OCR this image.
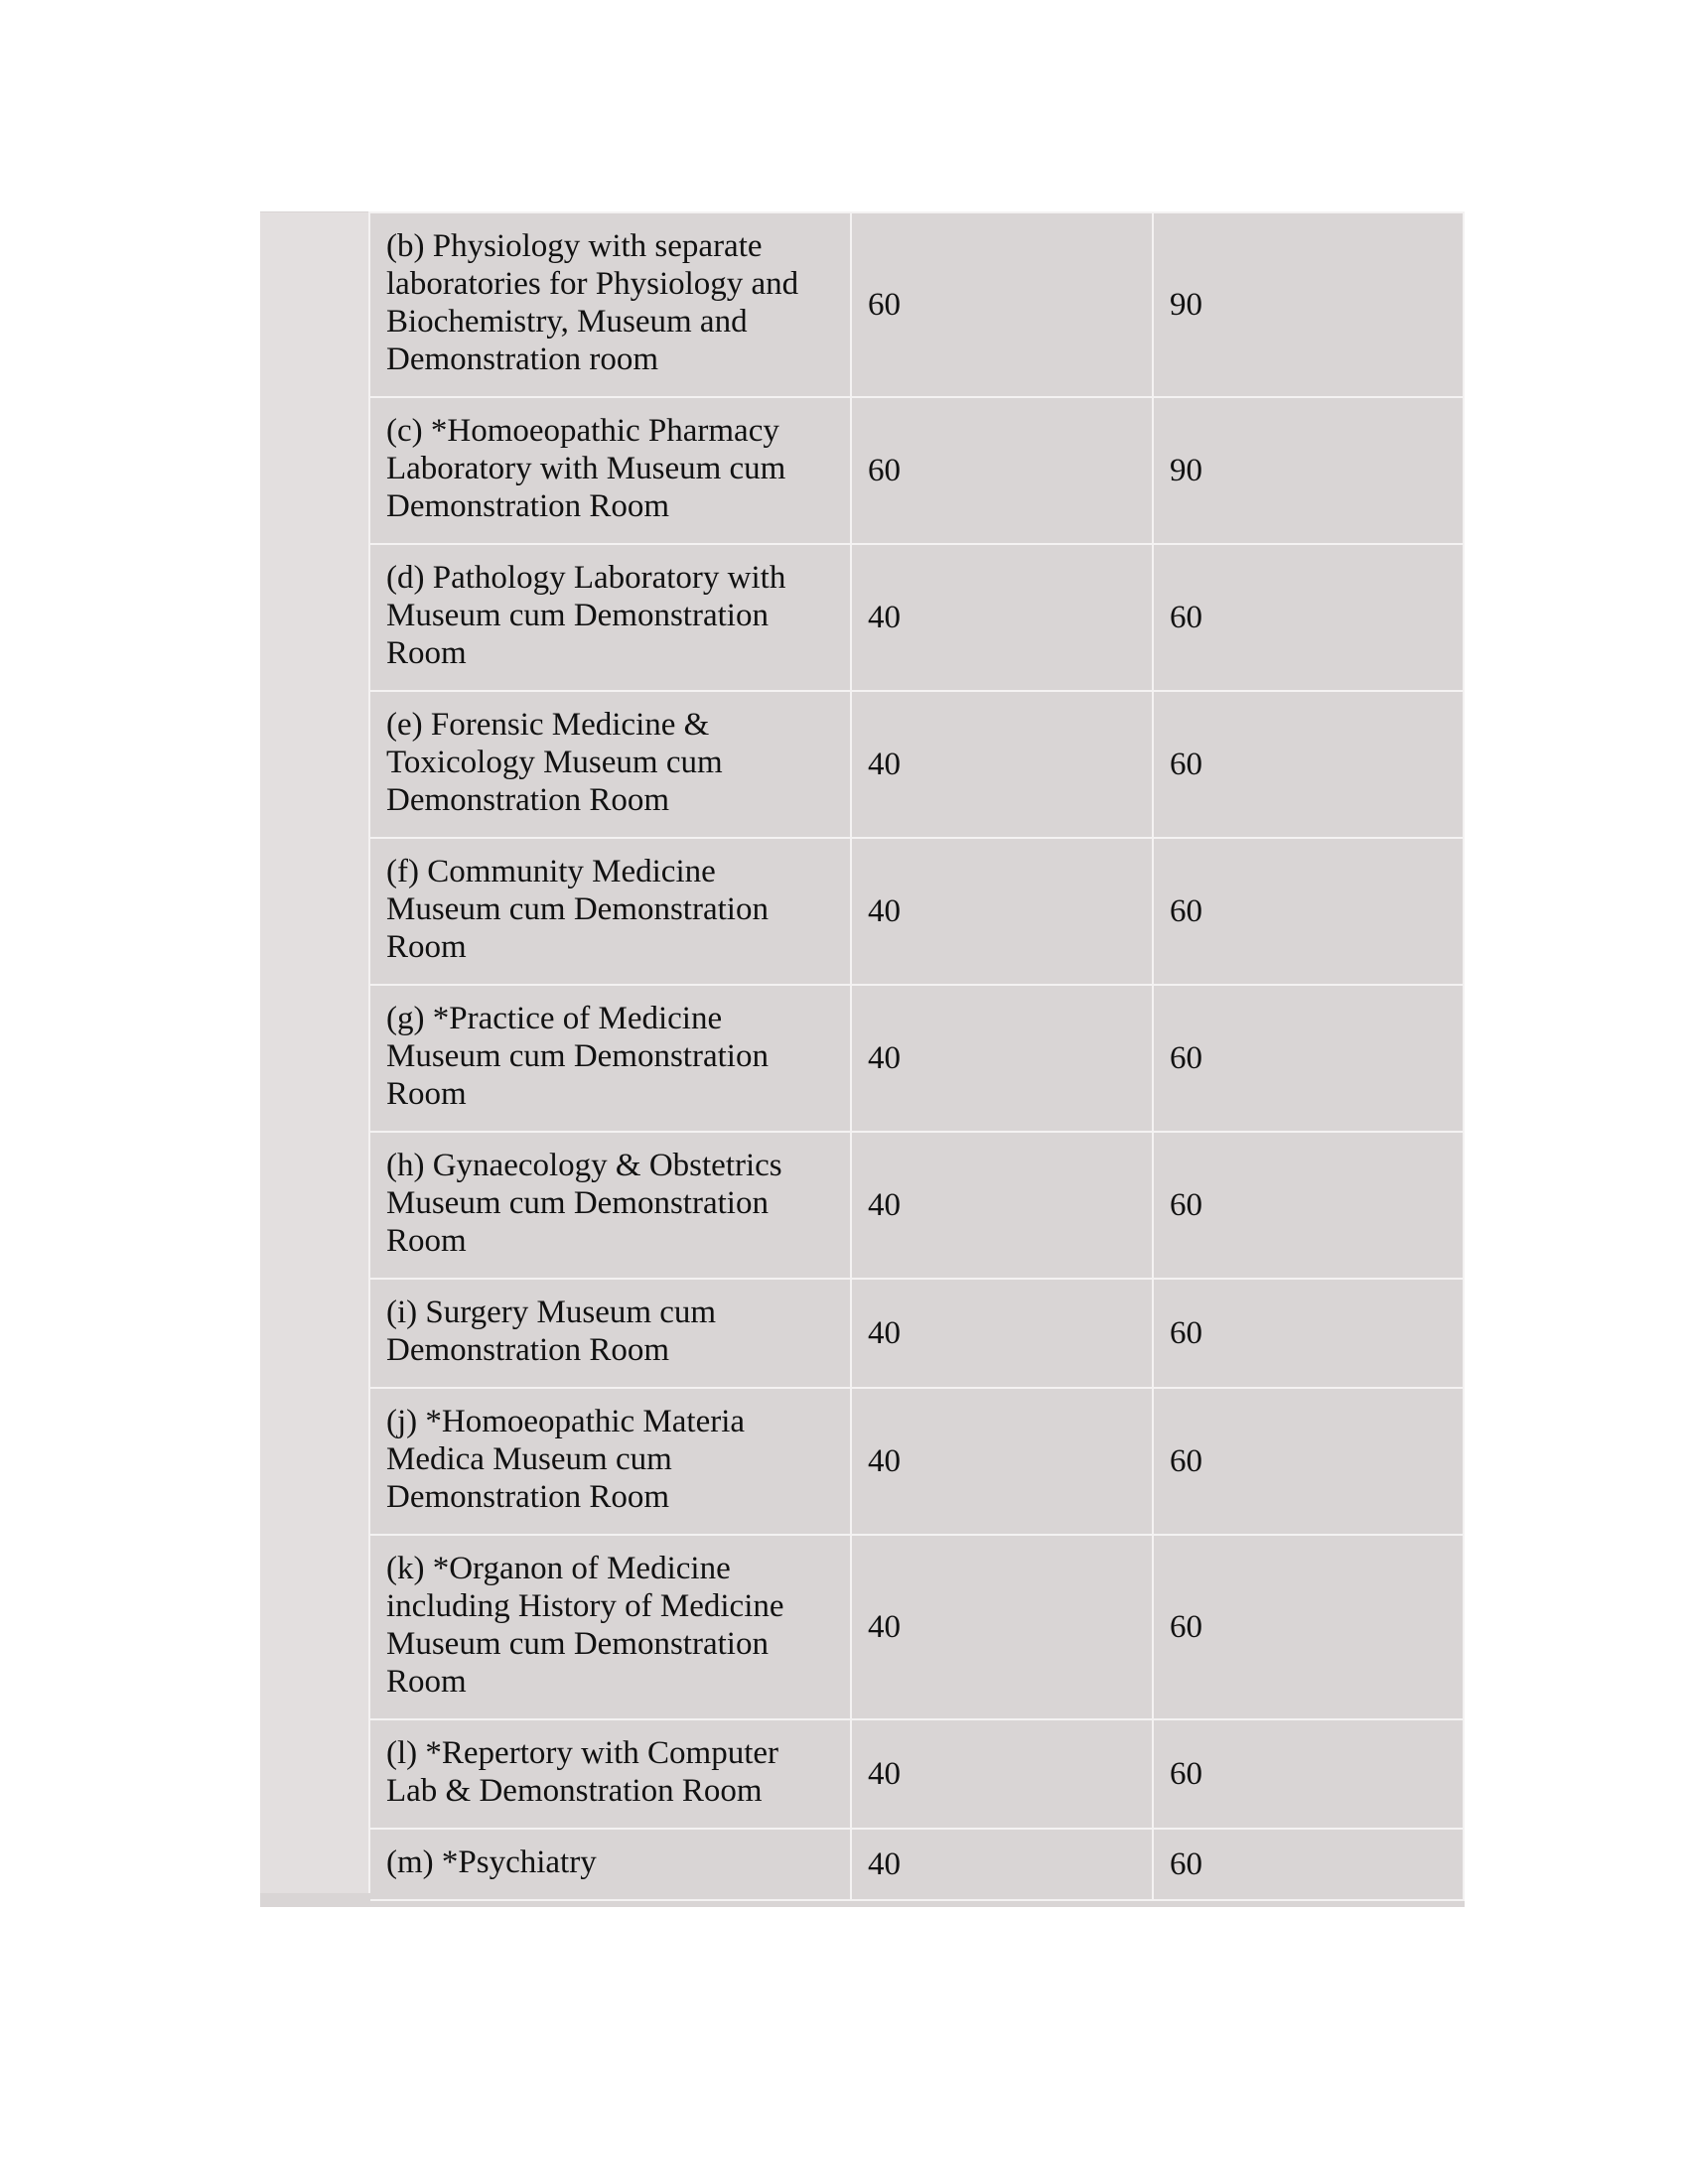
	(b) Physiology with separate laboratories for Physiology and Biochemistry, Museum and Demonstration room	60	90
	(c) *Homoeopathic Pharmacy Laboratory with Museum cum Demonstration Room	60	90
	(d) Pathology Laboratory with Museum cum Demonstration Room	40	60
	(e) Forensic Medicine & Toxicology Museum cum Demonstration Room	40	60
	(f) Community Medicine Museum cum Demonstration Room	40	60
	(g) *Practice of Medicine Museum cum Demonstration Room	40	60
	(h) Gynaecology & Obstetrics Museum cum Demonstration Room	40	60
	(i) Surgery Museum cum Demonstration Room	40	60
	(j) *Homoeopathic Materia Medica Museum cum Demonstration Room	40	60
	(k) *Organon of Medicine including History of Medicine Museum cum Demonstration Room	40	60
	(l) *Repertory with Computer Lab & Demonstration Room	40	60
	(m) *Psychiatry	40	60
